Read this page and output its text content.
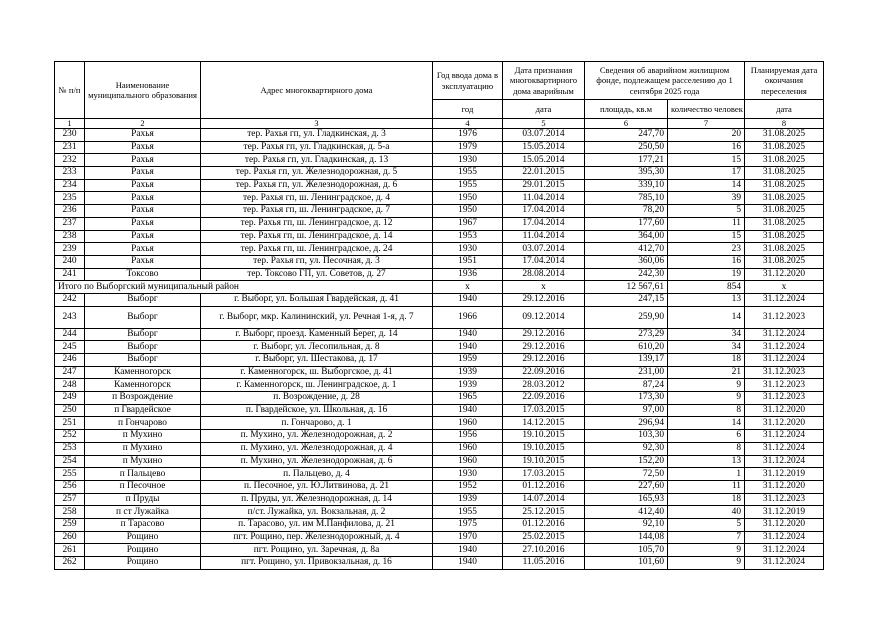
№ п/п	Наименование муниципального образования	Адрес многоквартирного дома	Год ввода дома в эксплуатацию	Дата признания многоквартирного дома аварийным	Сведения об аварийном жилищном фонде, подлежащем расселению до 1 сентября 2025 года		Планируемая дата окончания переселения
			год	дата	площадь, кв.м	количество человек	дата
1	2	3	4	5	6	7	8
230	Рахья	тер. Рахья гп, ул. Гладкинская, д. 3	1976	03.07.2014	247,70	20	31.08.2025
231	Рахья	тер. Рахья гп, ул. Гладкинская, д. 5-а	1979	15.05.2014	250,50	16	31.08.2025
232	Рахья	тер. Рахья гп, ул. Гладкинская, д. 13	1930	15.05.2014	177,21	15	31.08.2025
233	Рахья	тер. Рахья гп, ул. Железнодорожная, д. 5	1955	22.01.2015	395,30	17	31.08.2025
234	Рахья	тер. Рахья гп, ул. Железнодорожная, д. 6	1955	29.01.2015	339,10	14	31.08.2025
235	Рахья	тер. Рахья гп, ш. Ленинградское, д. 4	1950	11.04.2014	785,10	39	31.08.2025
236	Рахья	тер. Рахья гп, ш. Ленинградское, д. 7	1950	17.04.2014	78,20	5	31.08.2025
237	Рахья	тер. Рахья гп, ш. Ленинградское, д. 12	1967	17.04.2014	177,60	11	31.08.2025
238	Рахья	тер. Рахья гп, ш. Ленинградское, д. 14	1953	11.04.2014	364,00	15	31.08.2025
239	Рахья	тер. Рахья гп, ш. Ленинградское, д. 24	1930	03.07.2014	412,70	23	31.08.2025
240	Рахья	тер. Рахья гп, ул. Песочная, д. 3	1951	17.04.2014	360,06	16	31.08.2025
241	Токсово	тер. Токсово ГП, ул. Советов, д. 27	1936	28.08.2014	242,30	19	31.12.2020
Итого по Выборгский муниципальный район			x	x	12 567,61	854	x
242	Выборг	г. Выборг, ул. Большая Гвардейская, д. 41	1940	29.12.2016	247,15	13	31.12.2024
243	Выборг	г. Выборг, мкр. Калининский, ул. Речная 1-я, д. 7	1966	09.12.2014	259,90	14	31.12.2023
244	Выборг	г. Выборг, проезд. Каменный Берег, д. 14	1940	29.12.2016	273,29	34	31.12.2024
245	Выборг	г. Выборг, ул. Лесопильная, д. 8	1940	29.12.2016	610,20	34	31.12.2024
246	Выборг	г. Выборг, ул. Шестакова, д. 17	1959	29.12.2016	139,17	18	31.12.2024
247	Каменногорск	г. Каменногорск, ш. Выборгское, д. 41	1939	22.09.2016	231,00	21	31.12.2023
248	Каменногорск	г. Каменногорск, ш. Ленинградское, д. 1	1939	28.03.2012	87,24	9	31.12.2023
249	п Возрождение	п. Возрождение, д. 28	1965	22.09.2016	173,30	9	31.12.2023
250	п Гвардейское	п. Гвардейское, ул. Школьная, д. 16	1940	17.03.2015	97,00	8	31.12.2020
251	п Гончарово	п. Гончарово, д. 1	1960	14.12.2015	296,94	14	31.12.2020
252	п Мухино	п. Мухино, ул. Железнодорожная, д. 2	1956	19.10.2015	103,30	6	31.12.2024
253	п Мухино	п. Мухино, ул. Железнодорожная, д. 4	1960	19.10.2015	92,30	8	31.12.2024
254	п Мухино	п. Мухино, ул. Железнодорожная, д. 6	1960	19.10.2015	152,20	13	31.12.2024
255	п Пальцево	п. Пальцево, д. 4	1930	17.03.2015	72,50	1	31.12.2019
256	п Песочное	п. Песочное, ул. Ю.Литвинова, д. 21	1952	01.12.2016	227,60	11	31.12.2020
257	п Пруды	п. Пруды, ул. Железнодорожная, д. 14	1939	14.07.2014	165,93	18	31.12.2023
258	п ст Лужайка	п/ст. Лужайка, ул. Вокзальная, д. 2	1955	25.12.2015	412,40	40	31.12.2019
259	п Тарасово	п. Тарасово, ул. им М.Панфилова, д. 21	1975	01.12.2016	92,10	5	31.12.2020
260	Рощино	пгт. Рощино, пер. Железнодорожный, д. 4	1970	25.02.2015	144,08	7	31.12.2024
261	Рощино	пгт. Рощино, ул. Заречная, д. 8а	1940	27.10.2016	105,70	9	31.12.2024
262	Рощино	пгт. Рощино, ул. Привокзальная, д. 16	1940	11.05.2016	101,60	9	31.12.2024
